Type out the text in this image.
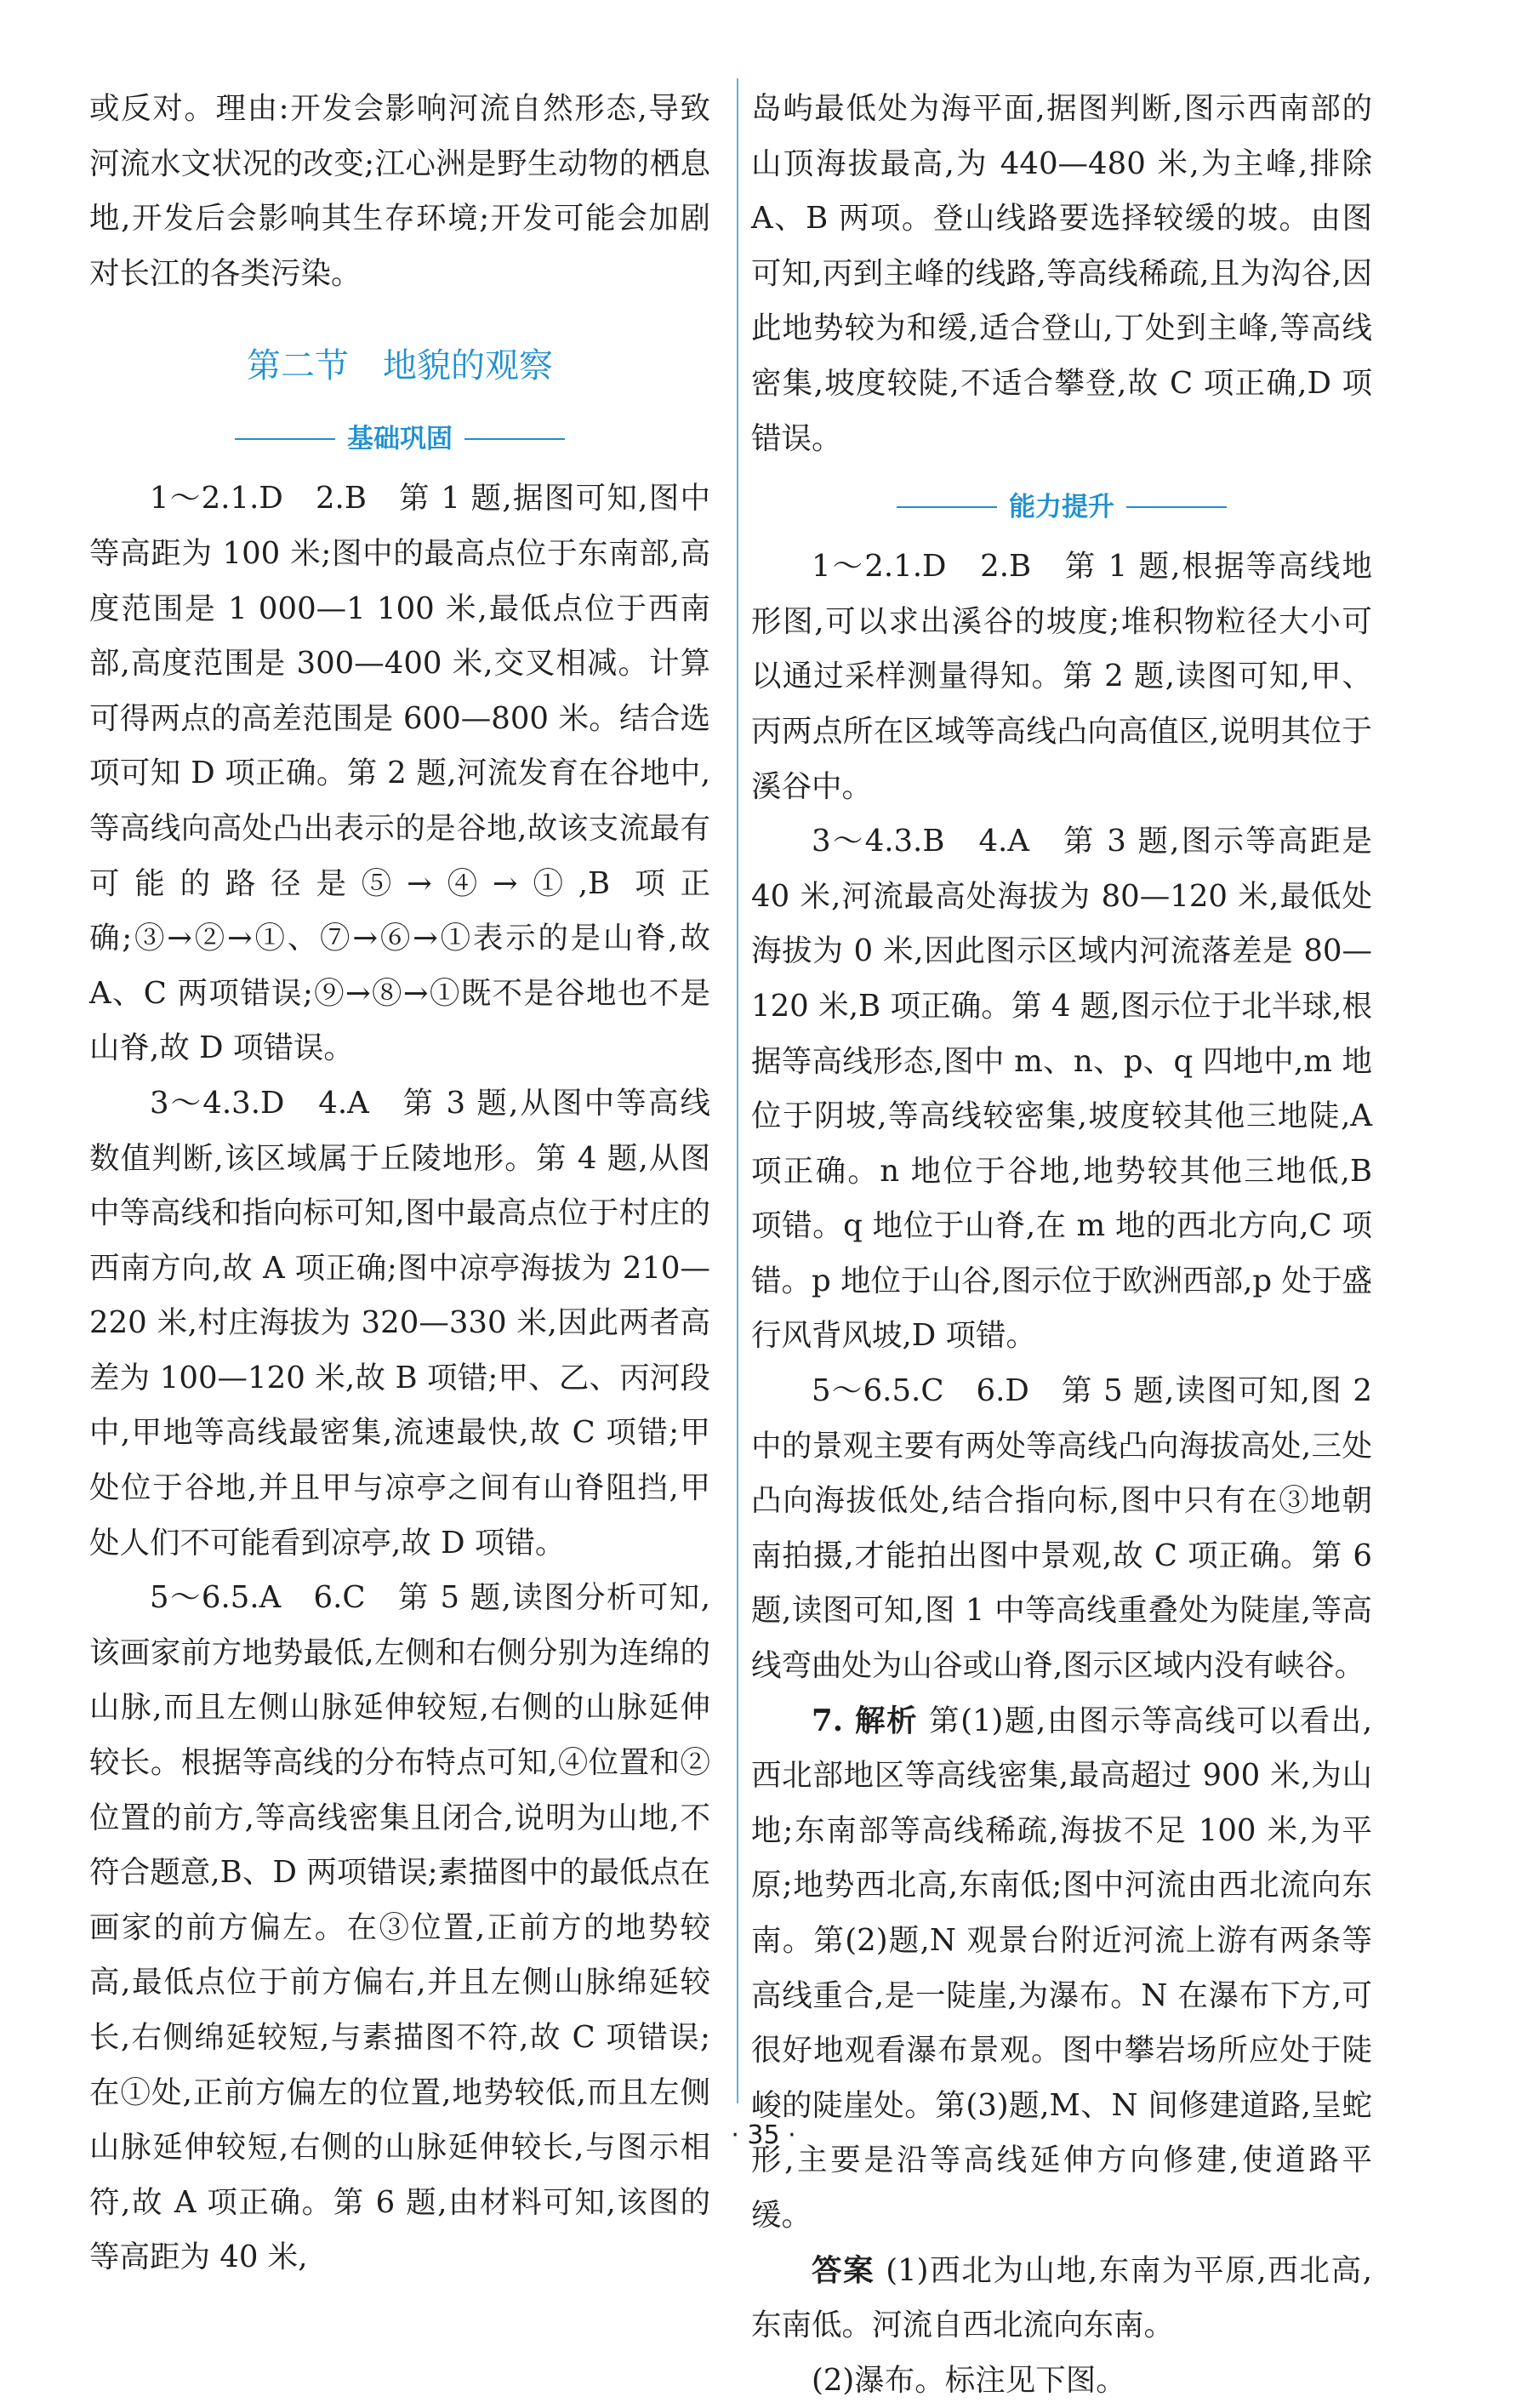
或反对。理由:开发会影响河流自然形态,导致河流水文状况的改变;江心洲是野生动物的栖息地,开发后会影响其生存环境;开发可能会加剧对长江的各类污染。

第二节　地貌的观察
基础巩固

1～2.1.D　2.B　第 1 题,据图可知,图中等高距为 100 米;图中的最高点位于东南部,高度范围是 1 000—1 100 米,最低点位于西南部,高度范围是 300—400 米,交叉相减。计算可得两点的高差范围是 600—800 米。结合选项可知 D 项正确。第 2 题,河流发育在谷地中,等高线向高处凸出表示的是谷地,故该支流最有可能的路径是⑤→④→①,B 项正确;③→②→①、⑦→⑥→①表示的是山脊,故 A、C 两项错误;⑨→⑧→①既不是谷地也不是山脊,故 D 项错误。

3～4.3.D　4.A　第 3 题,从图中等高线数值判断,该区域属于丘陵地形。第 4 题,从图中等高线和指向标可知,图中最高点位于村庄的西南方向,故 A 项正确;图中凉亭海拔为 210—220 米,村庄海拔为 320—330 米,因此两者高差为 100—120 米,故 B 项错;甲、乙、丙河段中,甲地等高线最密集,流速最快,故 C 项错;甲处位于谷地,并且甲与凉亭之间有山脊阻挡,甲处人们不可能看到凉亭,故 D 项错。

5～6.5.A　6.C　第 5 题,读图分析可知,该画家前方地势最低,左侧和右侧分别为连绵的山脉,而且左侧山脉延伸较短,右侧的山脉延伸较长。根据等高线的分布特点可知,④位置和②位置的前方,等高线密集且闭合,说明为山地,不符合题意,B、D 两项错误;素描图中的最低点在画家的前方偏左。在③位置,正前方的地势较高,最低点位于前方偏右,并且左侧山脉绵延较长,右侧绵延较短,与素描图不符,故 C 项错误;在①处,正前方偏左的位置,地势较低,而且左侧山脉延伸较短,右侧的山脉延伸较长,与图示相符,故 A 项正确。第 6 题,由材料可知,该图的等高距为 40 米,

岛屿最低处为海平面,据图判断,图示西南部的山顶海拔最高,为 440—480 米,为主峰,排除 A、B 两项。登山线路要选择较缓的坡。由图可知,丙到主峰的线路,等高线稀疏,且为沟谷,因此地势较为和缓,适合登山,丁处到主峰,等高线密集,坡度较陡,不适合攀登,故 C 项正确,D 项错误。

能力提升

1～2.1.D　2.B　第 1 题,根据等高线地形图,可以求出溪谷的坡度;堆积物粒径大小可以通过采样测量得知。第 2 题,读图可知,甲、丙两点所在区域等高线凸向高值区,说明其位于溪谷中。

3～4.3.B　4.A　第 3 题,图示等高距是 40 米,河流最高处海拔为 80—120 米,最低处海拔为 0 米,因此图示区域内河流落差是 80—120 米,B 项正确。第 4 题,图示位于北半球,根据等高线形态,图中 m、n、p、q 四地中,m 地位于阴坡,等高线较密集,坡度较其他三地陡,A 项正确。n 地位于谷地,地势较其他三地低,B 项错。q 地位于山脊,在 m 地的西北方向,C 项错。p 地位于山谷,图示位于欧洲西部,p 处于盛行风背风坡,D 项错。

5～6.5.C　6.D　第 5 题,读图可知,图 2 中的景观主要有两处等高线凸向海拔高处,三处凸向海拔低处,结合指向标,图中只有在③地朝南拍摄,才能拍出图中景观,故 C 项正确。第 6 题,读图可知,图 1 中等高线重叠处为陡崖,等高线弯曲处为山谷或山脊,图示区域内没有峡谷。

7. 解析 第(1)题,由图示等高线可以看出,西北部地区等高线密集,最高超过 900 米,为山地;东南部等高线稀疏,海拔不足 100 米,为平原;地势西北高,东南低;图中河流由西北流向东南。第(2)题,N 观景台附近河流上游有两条等高线重合,是一陡崖,为瀑布。N 在瀑布下方,可很好地观看瀑布景观。图中攀岩场所应处于陡峻的陡崖处。第(3)题,M、N 间修建道路,呈蛇形,主要是沿等高线延伸方向修建,使道路平缓。

答案 (1)西北为山地,东南为平原,西北高,东南低。河流自西北流向东南。

(2)瀑布。标注见下图。

· 35 ·
